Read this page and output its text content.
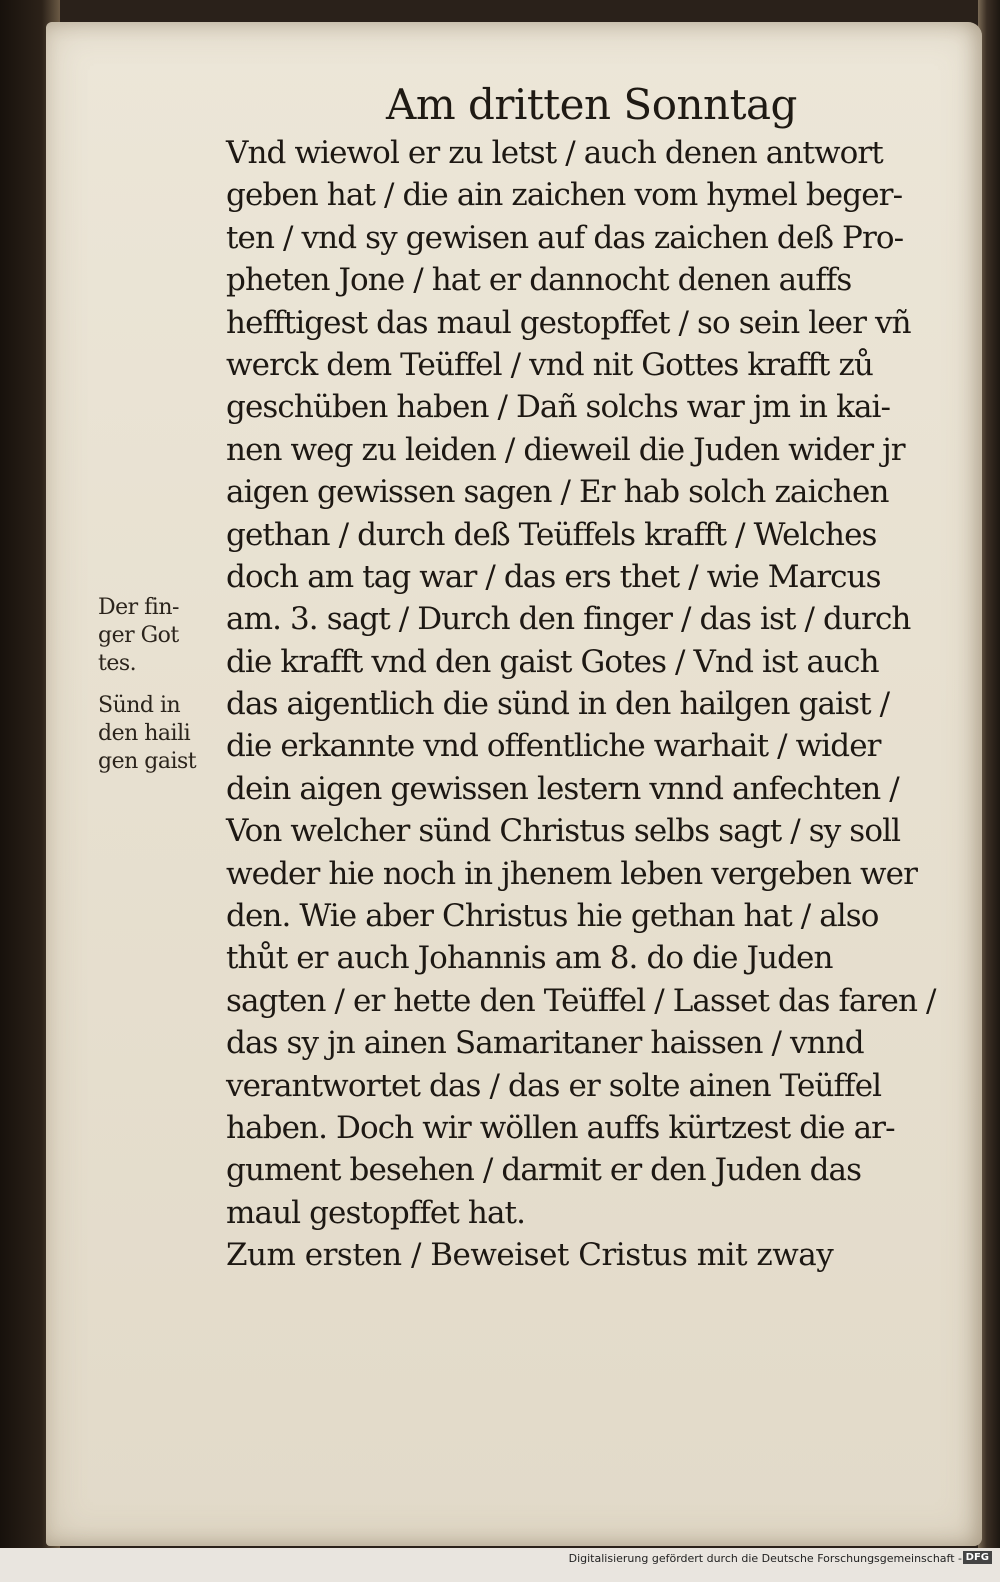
Am dritten Sonntag
Vnd wiewol er zu letst / auch denen antwort
geben hat / die ain zaichen vom hymel beger-
ten / vnd sy gewisen auf das zaichen deß Pro-
pheten Jone / hat er dannocht denen auffs
hefftigest das maul gestopffet / so sein leer vñ
werck dem Teüffel / vnd nit Gottes krafft zů
geschüben haben / Dañ solchs war jm in kai-
nen weg zu leiden / dieweil die Juden wider jr
aigen gewissen sagen / Er hab solch zaichen
gethan / durch deß Teüffels krafft / Welches
doch am tag war / das ers thet / wie Marcus
am. 3. sagt / Durch den finger / das ist / durch
die krafft vnd den gaist Gotes / Vnd ist auch
das aigentlich die sünd in den hailgen gaist /
die erkannte vnd offentliche warhait / wider
dein aigen gewissen lestern vnnd anfechten /
Von welcher sünd Christus selbs sagt / sy soll
weder hie noch in jhenem leben vergeben wer
den. Wie aber Christus hie gethan hat / also
thůt er auch Johannis am 8. do die Juden
sagten / er hette den Teüffel / Lasset das faren /
das sy jn ainen Samaritaner haissen / vnnd
verantwortet das / das er solte ainen Teüffel
haben. Doch wir wöllen auffs kürtzest die ar-
gument besehen / darmit er den Juden das
maul gestopffet hat.
Zum ersten / Beweiset Cristus mit zway
Der fin-
ger Got
tes.
Sünd in
den haili
gen gaist
Digitalisierung gefördert durch die Deutsche Forschungsgemeinschaft - DFG
